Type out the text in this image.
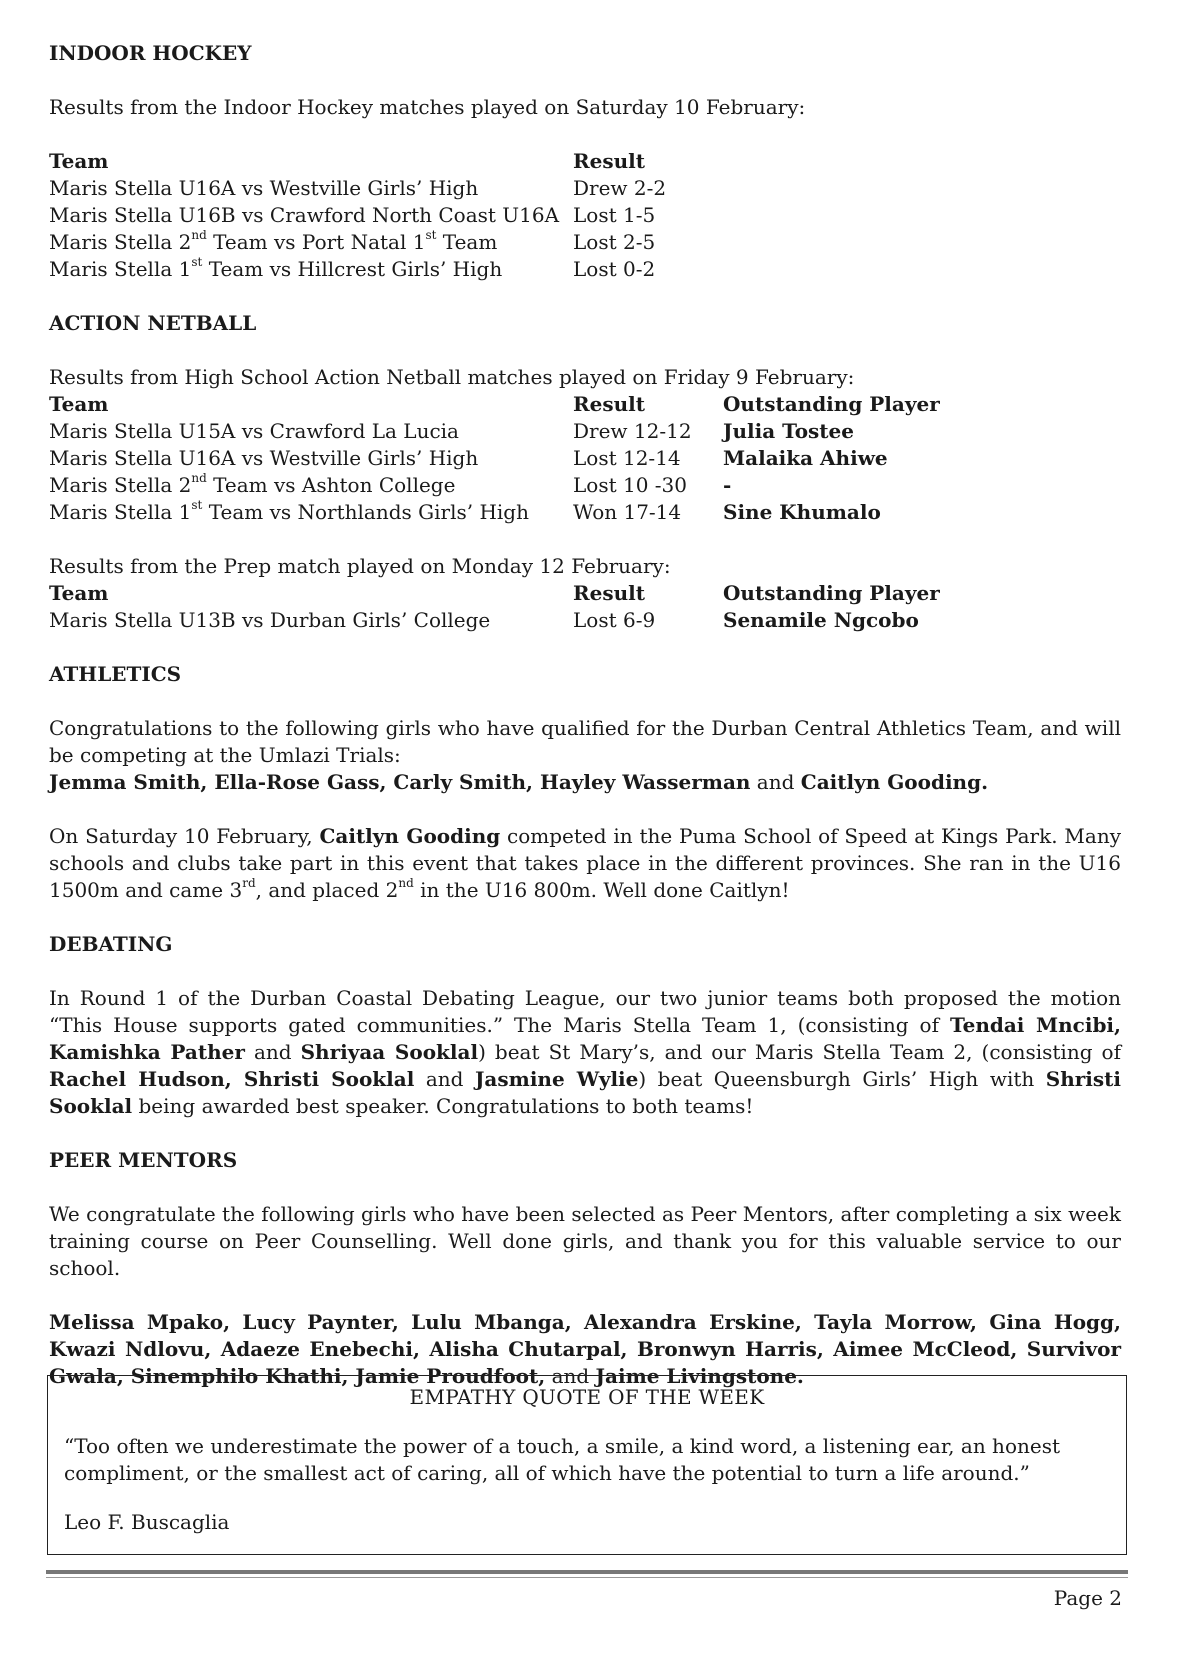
INDOOR HOCKEY

Results from the Indoor Hockey matches played on Saturday 10 February:

Team	Result
Maris Stella U16A vs Westville Girls’ High	Drew 2-2
Maris Stella U16B vs Crawford North Coast U16A Lost 1-5
Maris Stella 2nd Team vs Port Natal 1st Team	Lost 2-5
Maris Stella 1st Team vs Hillcrest Girls’ High	Lost 0-2
ACTION NETBALL

Results from High School Action Netball matches played on Friday 9 February:

Team	Result	Outstanding Player
Maris Stella U15A vs Crawford La Lucia	Drew 12-12	Julia Tostee
Maris Stella U16A vs Westville Girls’ High	Lost 12-14	Malaika Ahiwe
Maris Stella 2nd Team vs Ashton College	Lost 10 -30	-
Maris Stella 1st Team vs Northlands Girls’ High	Won 17-14	Sine Khumalo

Results from the Prep match played on Monday 12 February:

Team	Result	Outstanding Player
Maris Stella U13B vs Durban Girls’ College	Lost 6-9	Senamile Ngcobo
ATHLETICS

Congratulations to the following girls who have qualified for the Durban Central Athletics Team, and will be competing at the Umlazi Trials:

Jemma Smith, Ella-Rose Gass, Carly Smith, Hayley Wasserman and Caitlyn Gooding.

On Saturday 10 February, Caitlyn Gooding competed in the Puma School of Speed at Kings Park. Many schools and clubs take part in this event that takes place in the different provinces. She ran in the U16 1500m and came 3rd, and placed 2nd in the U16 800m. Well done Caitlyn!

DEBATING

In Round 1 of the Durban Coastal Debating League, our two junior teams both proposed the motion “This House supports gated communities.” The Maris Stella Team 1, (consisting of Tendai Mncibi, Kamishka Pather and Shriyaa Sooklal) beat St Mary’s, and our Maris Stella Team 2, (consisting of Rachel Hudson, Shristi Sooklal and Jasmine Wylie) beat Queensburgh Girls’ High with Shristi Sooklal being awarded best speaker. Congratulations to both teams!

PEER MENTORS

We congratulate the following girls who have been selected as Peer Mentors, after completing a six week training course on Peer Counselling. Well done girls, and thank you for this valuable service to our school.

Melissa Mpako, Lucy Paynter, Lulu Mbanga, Alexandra Erskine, Tayla Morrow, Gina Hogg, Kwazi Ndlovu, Adaeze Enebechi, Alisha Chutarpal, Bronwyn Harris, Aimee McCleod, Survivor Gwala, Sinemphilo Khathi, Jamie Proudfoot, and Jaime Livingstone.

EMPATHY QUOTE OF THE WEEK

“Too often we underestimate the power of a touch, a smile, a kind word, a listening ear, an honest compliment, or the smallest act of caring, all of which have the potential to turn a life around.”

Leo F. Buscaglia

Page 2
